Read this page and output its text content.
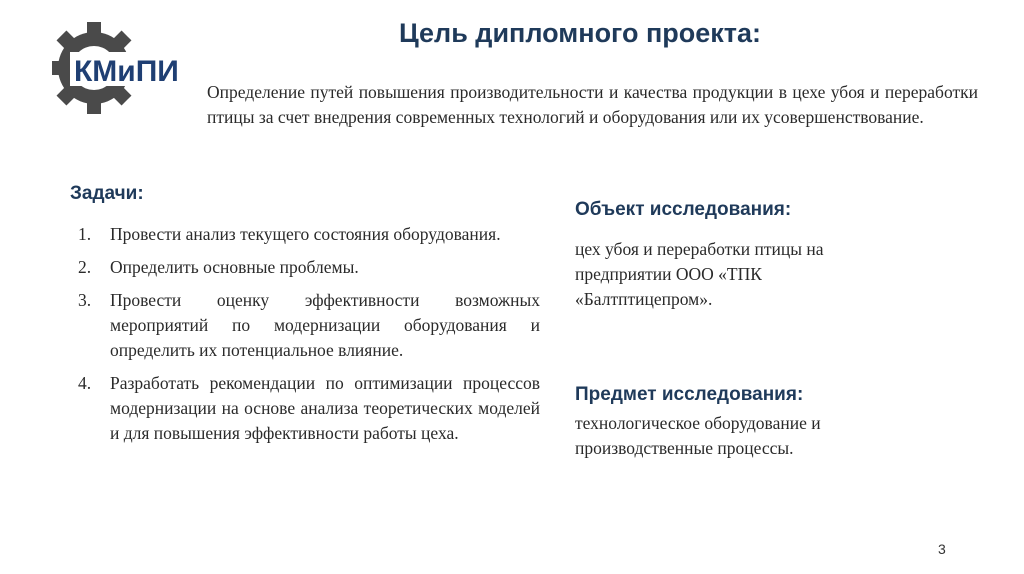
КМиПИ
Цель дипломного проекта:
Определение путей повышения производительности и качества продукции в цехе убоя и переработки птицы за счет внедрения современных технологий и оборудования или их усовершенствование.
Задачи:
1.	Провести анализ текущего состояния оборудования.
2.	Определить основные проблемы.
3.	Провести оценку эффективности возможных мероприятий по модернизации оборудования и определить их потенциальное влияние.
4.	Разработать рекомендации по оптимизации процессов модернизации на основе анализа теоретических моделей и для повышения эффективности работы цеха.
Объект исследования:
цех убоя и переработки птицы на предприятии ООО «ТПК «Балтптицепром».
Предмет исследования:
технологическое оборудование и производственные процессы.
3
